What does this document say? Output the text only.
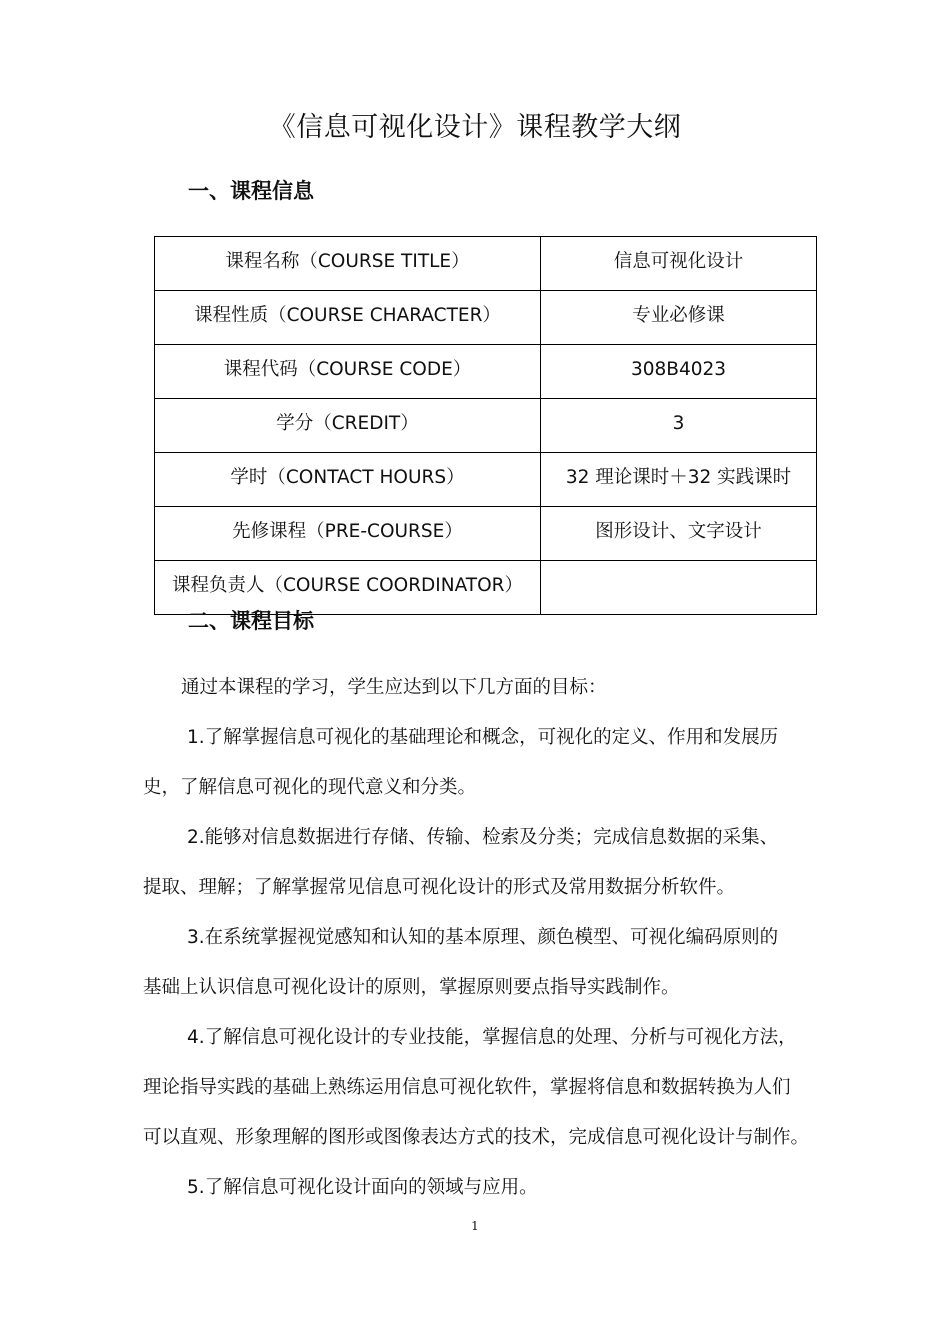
《信息可视化设计》课程教学大纲
一、课程信息
课程名称（COURSE TITLE）	信息可视化设计
课程性质（COURSE CHARACTER）	专业必修课
课程代码（COURSE CODE）	308B4023
学分（CREDIT）	3
学时（CONTACT HOURS）	32 理论课时＋32 实践课时
先修课程（PRE-COURSE）	图形设计、文字设计
课程负责人（COURSE COORDINATOR）	
二、课程目标
通过本课程的学习，学生应达到以下几方面的目标：
1.了解掌握信息可视化的基础理论和概念，可视化的定义、作用和发展历
史，了解信息可视化的现代意义和分类。
2.能够对信息数据进行存储、传输、检索及分类；完成信息数据的采集、
提取、理解；了解掌握常见信息可视化设计的形式及常用数据分析软件。
3.在系统掌握视觉感知和认知的基本原理、颜色模型、可视化编码原则的
基础上认识信息可视化设计的原则，掌握原则要点指导实践制作。
4.了解信息可视化设计的专业技能，掌握信息的处理、分析与可视化方法，
理论指导实践的基础上熟练运用信息可视化软件，掌握将信息和数据转换为人们
可以直观、形象理解的图形或图像表达方式的技术，完成信息可视化设计与制作。
5.了解信息可视化设计面向的领域与应用。
1
